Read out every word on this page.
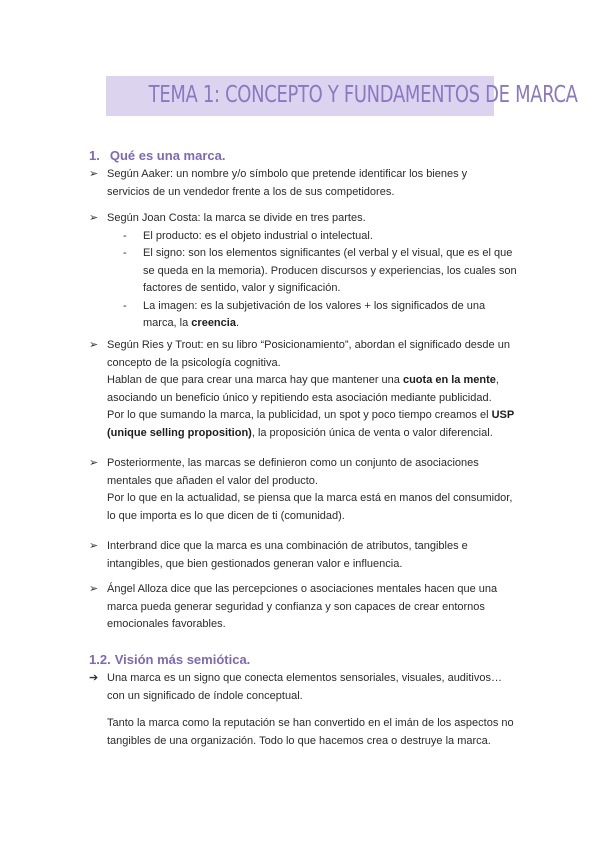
TEMA 1: CONCEPTO Y FUNDAMENTOS DE MARCA
1. Qué es una marca.
➢ Según Aaker: un nombre y/o símbolo que pretende identificar los bienes y
servicios de un vendedor frente a los de sus competidores.
➢ Según Joan Costa: la marca se divide en tres partes.
- El producto: es el objeto industrial o intelectual.
- El signo: son los elementos significantes (el verbal y el visual, que es el que
se queda en la memoria). Producen discursos y experiencias, los cuales son
factores de sentido, valor y significación.
- La imagen: es la subjetivación de los valores + los significados de una
marca, la creencia.
➢ Según Ries y Trout: en su libro “Posicionamiento”, abordan el significado desde un
concepto de la psicología cognitiva.
Hablan de que para crear una marca hay que mantener una cuota en la mente,
asociando un beneficio único y repitiendo esta asociación mediante publicidad.
Por lo que sumando la marca, la publicidad, un spot y poco tiempo creamos el USP
(unique selling proposition), la proposición única de venta o valor diferencial.
➢ Posteriormente, las marcas se definieron como un conjunto de asociaciones
mentales que añaden el valor del producto.
Por lo que en la actualidad, se piensa que la marca está en manos del consumidor,
lo que importa es lo que dicen de ti (comunidad).
➢ Interbrand dice que la marca es una combinación de atributos, tangibles e
intangibles, que bien gestionados generan valor e influencia.
➢ Ángel Alloza dice que las percepciones o asociaciones mentales hacen que una
marca pueda generar seguridad y confianza y son capaces de crear entornos
emocionales favorables.
1.2. Visión más semiótica.
➔ Una marca es un signo que conecta elementos sensoriales, visuales, auditivos…
con un significado de índole conceptual.
Tanto la marca como la reputación se han convertido en el imán de los aspectos no
tangibles de una organización. Todo lo que hacemos crea o destruye la marca.
